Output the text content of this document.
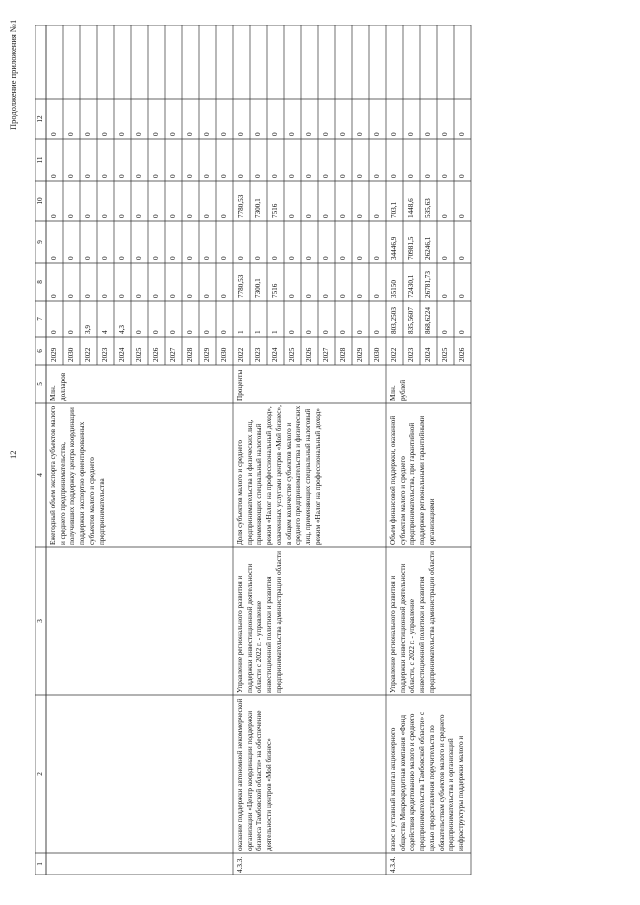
12
Продолжение приложения №1
1
2
3
4
5
6
7
8
9
10
11
12
Ежегодный объем экспорта субъектов малого и среднего предпринимательства, получивших поддержку центра координации поддержки экспортно ориентированных субъектов малого и среднего предпринимательства
Млн. долларов
2029
0
0
0
0
0
0
2030
0
0
0
0
0
0
2022
3,9
0
0
0
0
0
2023
4
0
0
0
0
0
2024
4,3
0
0
0
0
0
2025
0
0
0
0
0
0
2026
0
0
0
0
0
0
2027
0
0
0
0
0
0
2028
0
0
0
0
0
0
2029
0
0
0
0
0
0
2030
0
0
0
0
0
0
4.3.3.
оказание поддержки автономной некоммерческой организации «Центр координации поддержки бизнеса Тамбовской области» на обеспечение деятельности центров «Мой бизнес»
Управление регионального развития и поддержки инвестиционной деятельности области с 2022 г. - управление инвестиционной политики и развития предпринимательства администрации области
Доля субъектов малого и среднего предпринимательства и физических лиц, применяющих специальный налоговый режим «Налог на профессиональный доход», охваченных услугами центров «Мой бизнес», в общем количестве субъектов малого и среднего предпринимательства и физических лиц, применяющих специальный налоговый режим «Налог на профессиональный доход»
Проценты
2022
1
7780,53
0
7780,53
0
0
2023
1
7300,1
0
7300,1
0
0
2024
1
7516
0
7516
0
0
2025
0
0
0
0
0
0
2026
0
0
0
0
0
0
2027
0
0
0
0
0
0
2028
0
0
0
0
0
0
2029
0
0
0
0
0
0
2030
0
0
0
0
0
0
4.3.4.
взнос в уставный капитал акционерного общества Микрокредитная компания «Фонд содействия кредитованию малого и среднего предпринимательства Тамбовской области» с целью предоставления поручительств по обязательствам субъектов малого и среднего предпринимательства и организаций инфраструктуры поддержки малого и
Управление регионального развития и поддержки инвестиционной деятельности области, с 2022 г. - управление инвестиционной политики и развития предпринимательства администрации области
Объем финансовой поддержки, оказанной субъектам малого и среднего предпринимательства, при гарантийной поддержке региональными гарантийными организациями
Млн. рублей
2022
803,2503
35150
34446,9
703,1
0
0
2023
835,5607
72430,1
70981,5
1448,6
0
0
2024
868,6224
26781,73
26246,1
535,63
0
0
2025
0
0
0
0
0
0
2026
0
0
0
0
0
0
